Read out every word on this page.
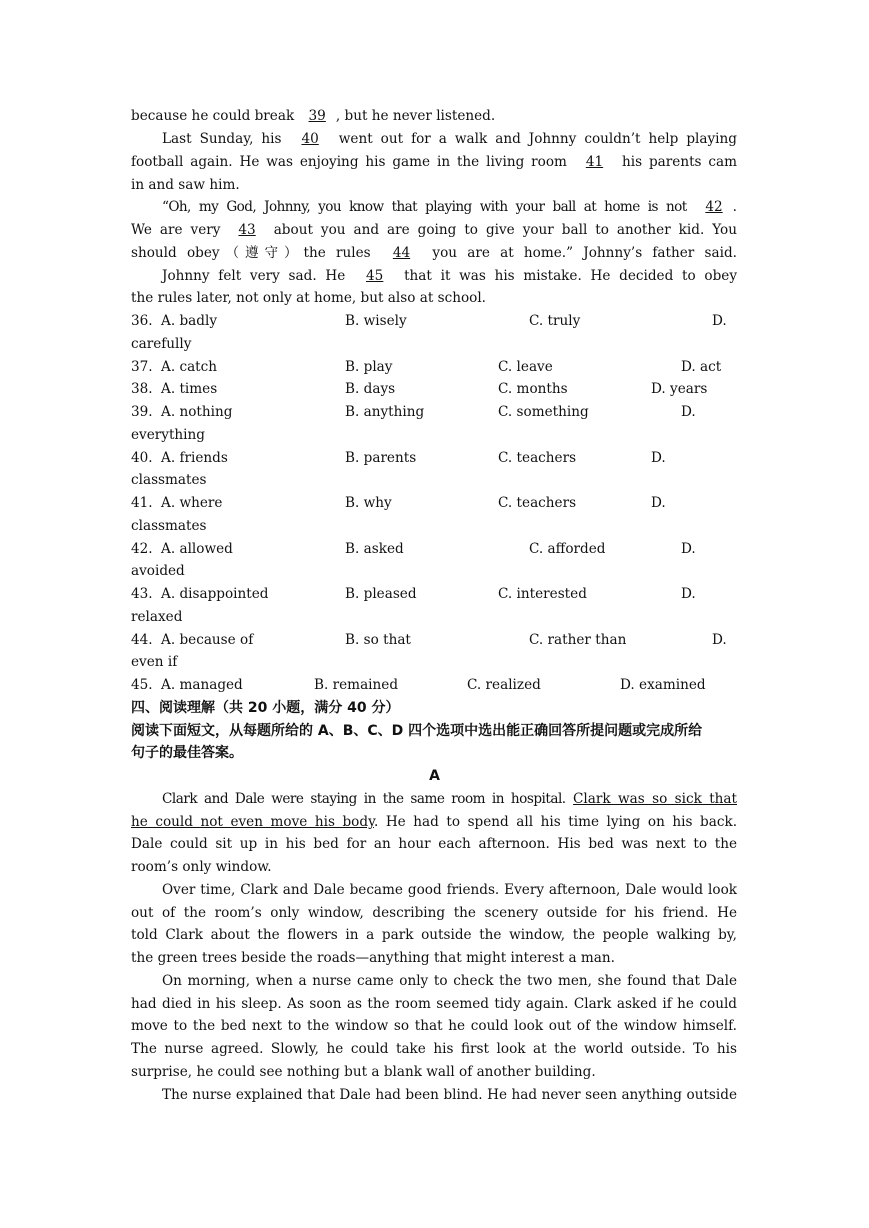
because he could break 39 , but he never listened.
Last Sunday, his 40 went out for a walk and Johnny couldn’t help playing
football again. He was enjoying his game in the living room 41 his parents cam
in and saw him.
“Oh, my God, Johnny, you know that playing with your ball at home is not 42 .
We are very 43 about you and are going to give your ball to another kid. You
should obey（遵守）the rules 44 you are at home.” Johnny’s father said.
Johnny felt very sad. He 45 that it was his mistake. He decided to obey
the rules later, not only at home, but also at school.
36. A. badly	B. wisely	C. truly	D.
carefully
37. A. catch	B. play	C. leave	D. act
38. A. times	B. days	C. months	D. years
39. A. nothing	B. anything	C. something	D.
everything
40. A. friends	B. parents	C. teachers	D.
classmates
41. A. where	B. why	C. teachers	D.
classmates
42. A. allowed	B. asked	C. afforded	D.
avoided
43. A. disappointed	B. pleased	C. interested	D.
relaxed
44. A. because of	B. so that	C. rather than	D.
even if
45. A. managed	B. remained	C. realized	D. examined
四、阅读理解（共 20 小题，满分 40 分）
阅读下面短文，从每题所给的 A、B、C、D 四个选项中选出能正确回答所提问题或完成所给
句子的最佳答案。
A
Clark and Dale were staying in the same room in hospital. Clark was so sick that
he could not even move his body. He had to spend all his time lying on his back.
Dale could sit up in his bed for an hour each afternoon. His bed was next to the
room’s only window.
Over time, Clark and Dale became good friends. Every afternoon, Dale would look
out of the room’s only window, describing the scenery outside for his friend. He
told Clark about the flowers in a park outside the window, the people walking by,
the green trees beside the roads—anything that might interest a man.
On morning, when a nurse came only to check the two men, she found that Dale
had died in his sleep. As soon as the room seemed tidy again. Clark asked if he could
move to the bed next to the window so that he could look out of the window himself.
The nurse agreed. Slowly, he could take his first look at the world outside. To his
surprise, he could see nothing but a blank wall of another building.
The nurse explained that Dale had been blind. He had never seen anything outside
